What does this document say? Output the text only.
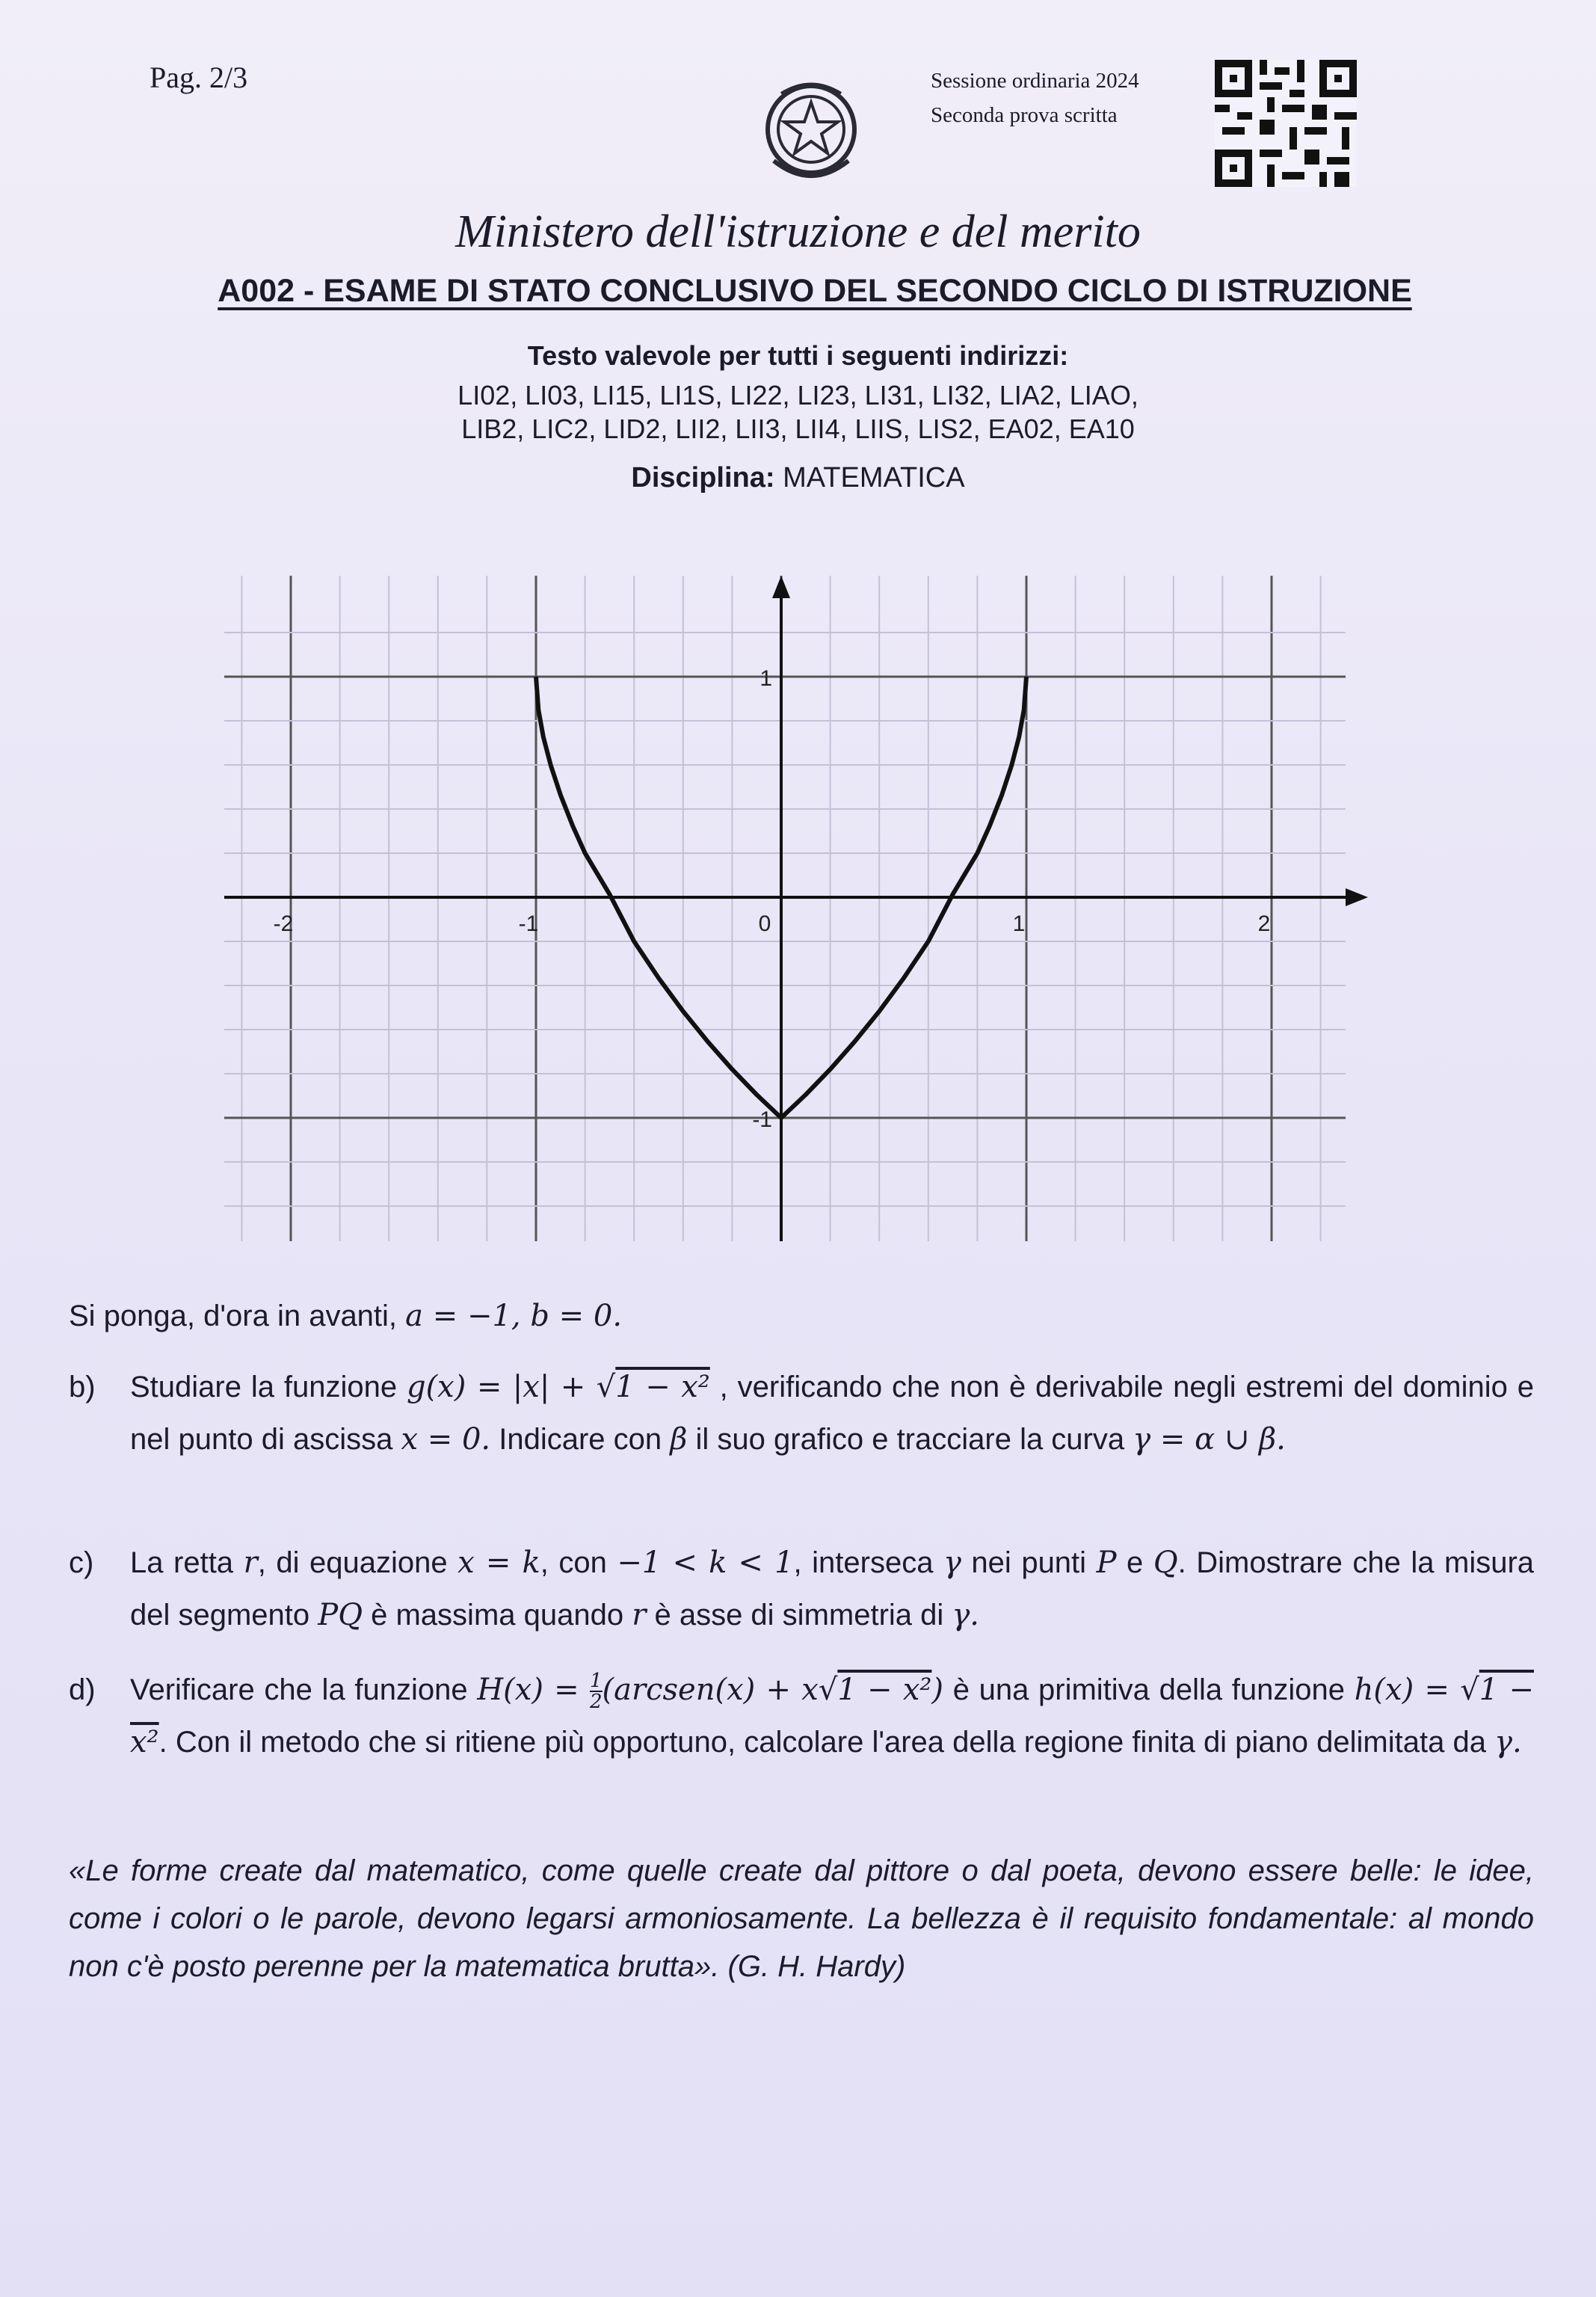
Pag. 2/3	Sessione ordinaria 2024
Seconda prova scritta
Ministero dell'istruzione e del merito
A002 - ESAME DI STATO CONCLUSIVO DEL SECONDO CICLO DI ISTRUZIONE
Testo valevole per tutti i seguenti indirizzi:
LI02, LI03, LI15, LI1S, LI22, LI23, LI31, LI32, LIA2, LIAO,
LIB2, LIC2, LID2, LII2, LII3, LII4, LIIS, LIS2, EA02, EA10
Disciplina: MATEMATICA
-2	-1	0	1	2
1
-1
Si ponga, d'ora in avanti, a = −1, b = 0.
b)	Studiare la funzione g(x) = |x| + √1 − x² , verificando che non è derivabile negli estremi del dominio e nel punto di ascissa x = 0. Indicare con β il suo grafico e tracciare la curva γ = α ∪ β.
c)	La retta r, di equazione x = k, con −1 < k < 1, interseca γ nei punti P e Q. Dimostrare che la misura del segmento PQ è massima quando r è asse di simmetria di γ.
d)	Verificare che la funzione $H(x) = \frac{1}{2}$ (arcsen(x) + x√1 − x²) è una primitiva della funzione h(x) = √1 − x². Con il metodo che si ritiene più opportuno, calcolare l'area della regione finita di piano delimitata da γ.
«Le forme create dal matematico, come quelle create dal pittore o dal poeta, devono essere belle: le idee, come i colori o le parole, devono legarsi armoniosamente. La bellezza è il requisito fondamentale: al mondo non c'è posto perenne per la matematica brutta». (G. H. Hardy)
